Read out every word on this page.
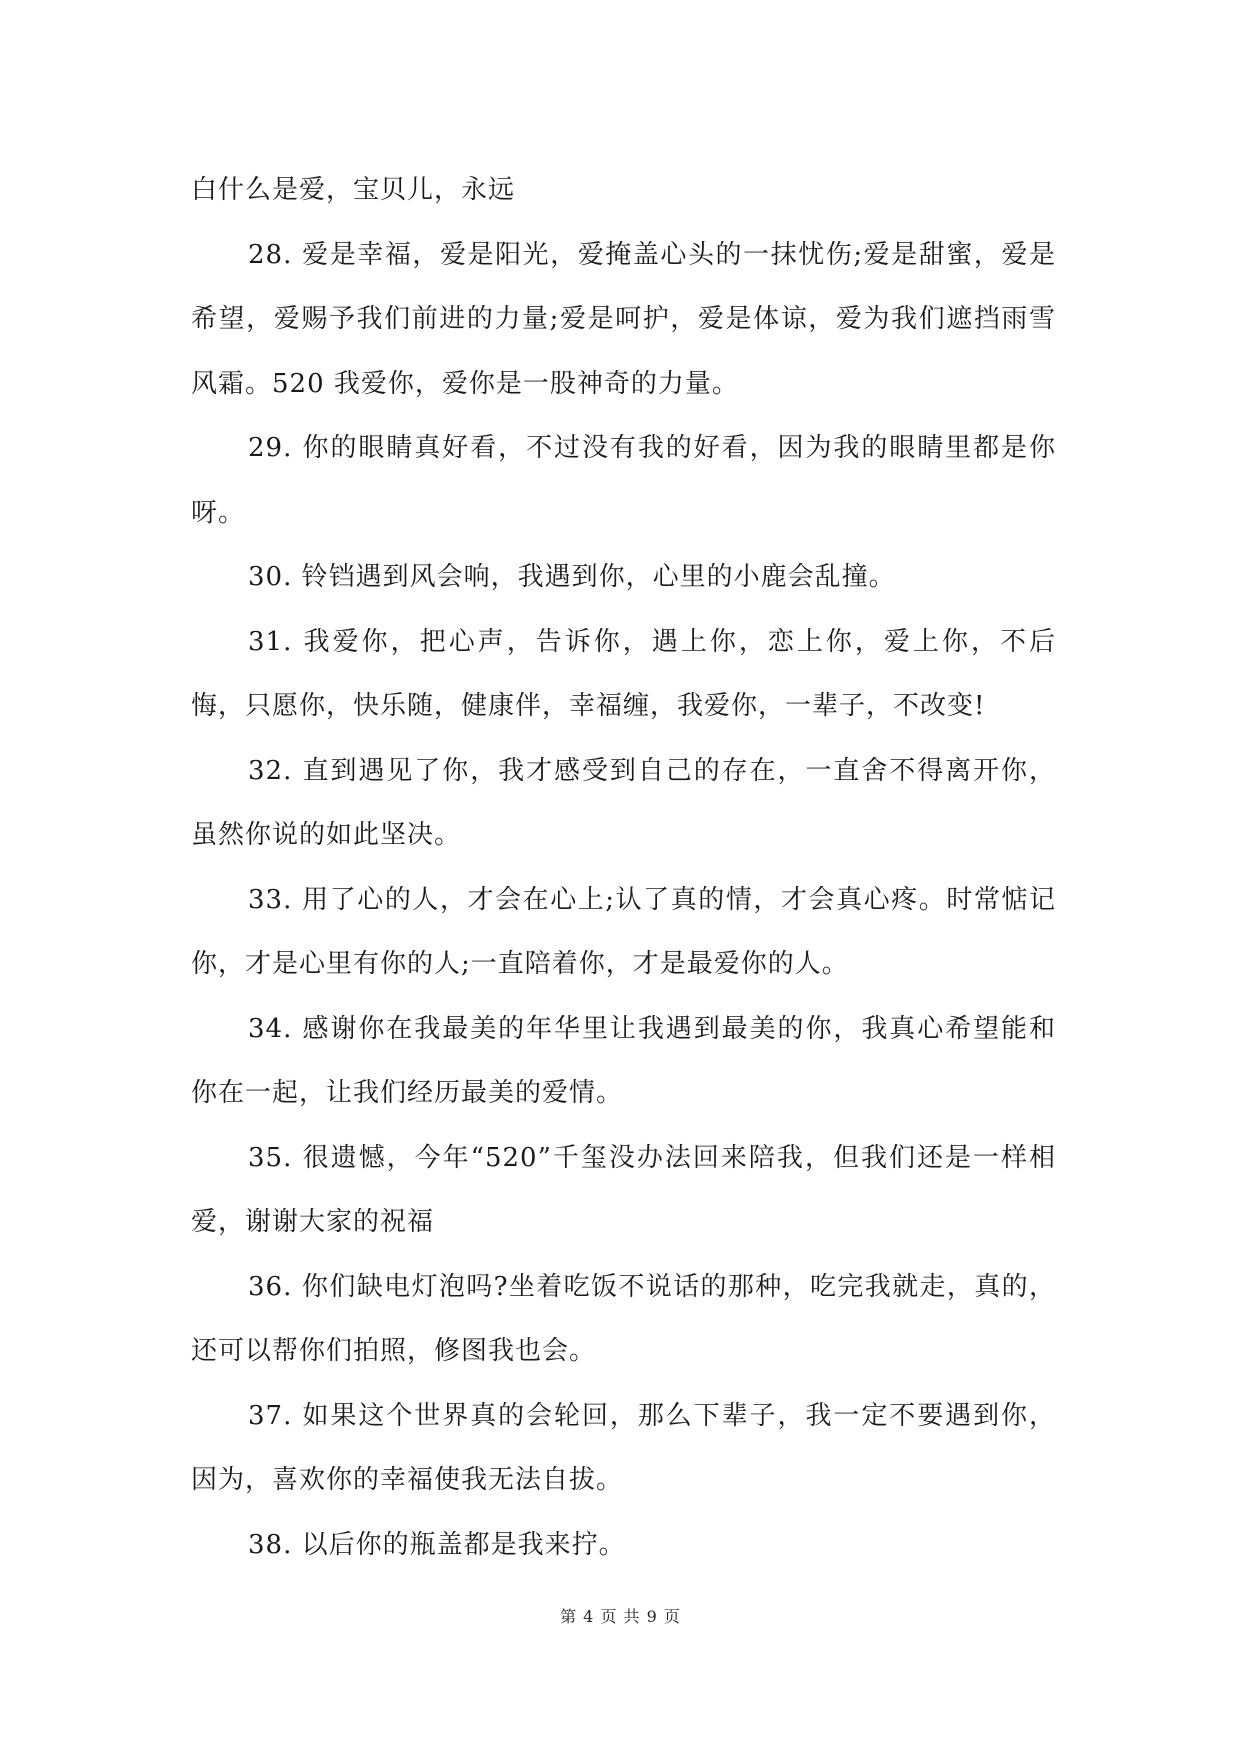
白什么是爱，宝贝儿，永远

28. 爱是幸福，爱是阳光，爱掩盖心头的一抹忧伤;爱是甜蜜，爱是希望，爱赐予我们前进的力量;爱是呵护，爱是体谅，爱为我们遮挡雨雪风霜。520 我爱你，爱你是一股神奇的力量。

29. 你的眼睛真好看，不过没有我的好看，因为我的眼睛里都是你呀。

30. 铃铛遇到风会响，我遇到你，心里的小鹿会乱撞。

31. 我爱你，把心声，告诉你，遇上你，恋上你，爱上你，不后悔，只愿你，快乐随，健康伴，幸福缠，我爱你，一辈子，不改变!

32. 直到遇见了你，我才感受到自己的存在，一直舍不得离开你，虽然你说的如此坚决。

33. 用了心的人，才会在心上;认了真的情，才会真心疼。时常惦记你，才是心里有你的人;一直陪着你，才是最爱你的人。

34. 感谢你在我最美的年华里让我遇到最美的你，我真心希望能和你在一起，让我们经历最美的爱情。

35. 很遗憾，今年“520”千玺没办法回来陪我，但我们还是一样相爱，谢谢大家的祝福

36. 你们缺电灯泡吗?坐着吃饭不说话的那种，吃完我就走，真的，还可以帮你们拍照，修图我也会。

37. 如果这个世界真的会轮回，那么下辈子，我一定不要遇到你，因为，喜欢你的幸福使我无法自拔。

38. 以后你的瓶盖都是我来拧。

第 4 页 共 9 页
